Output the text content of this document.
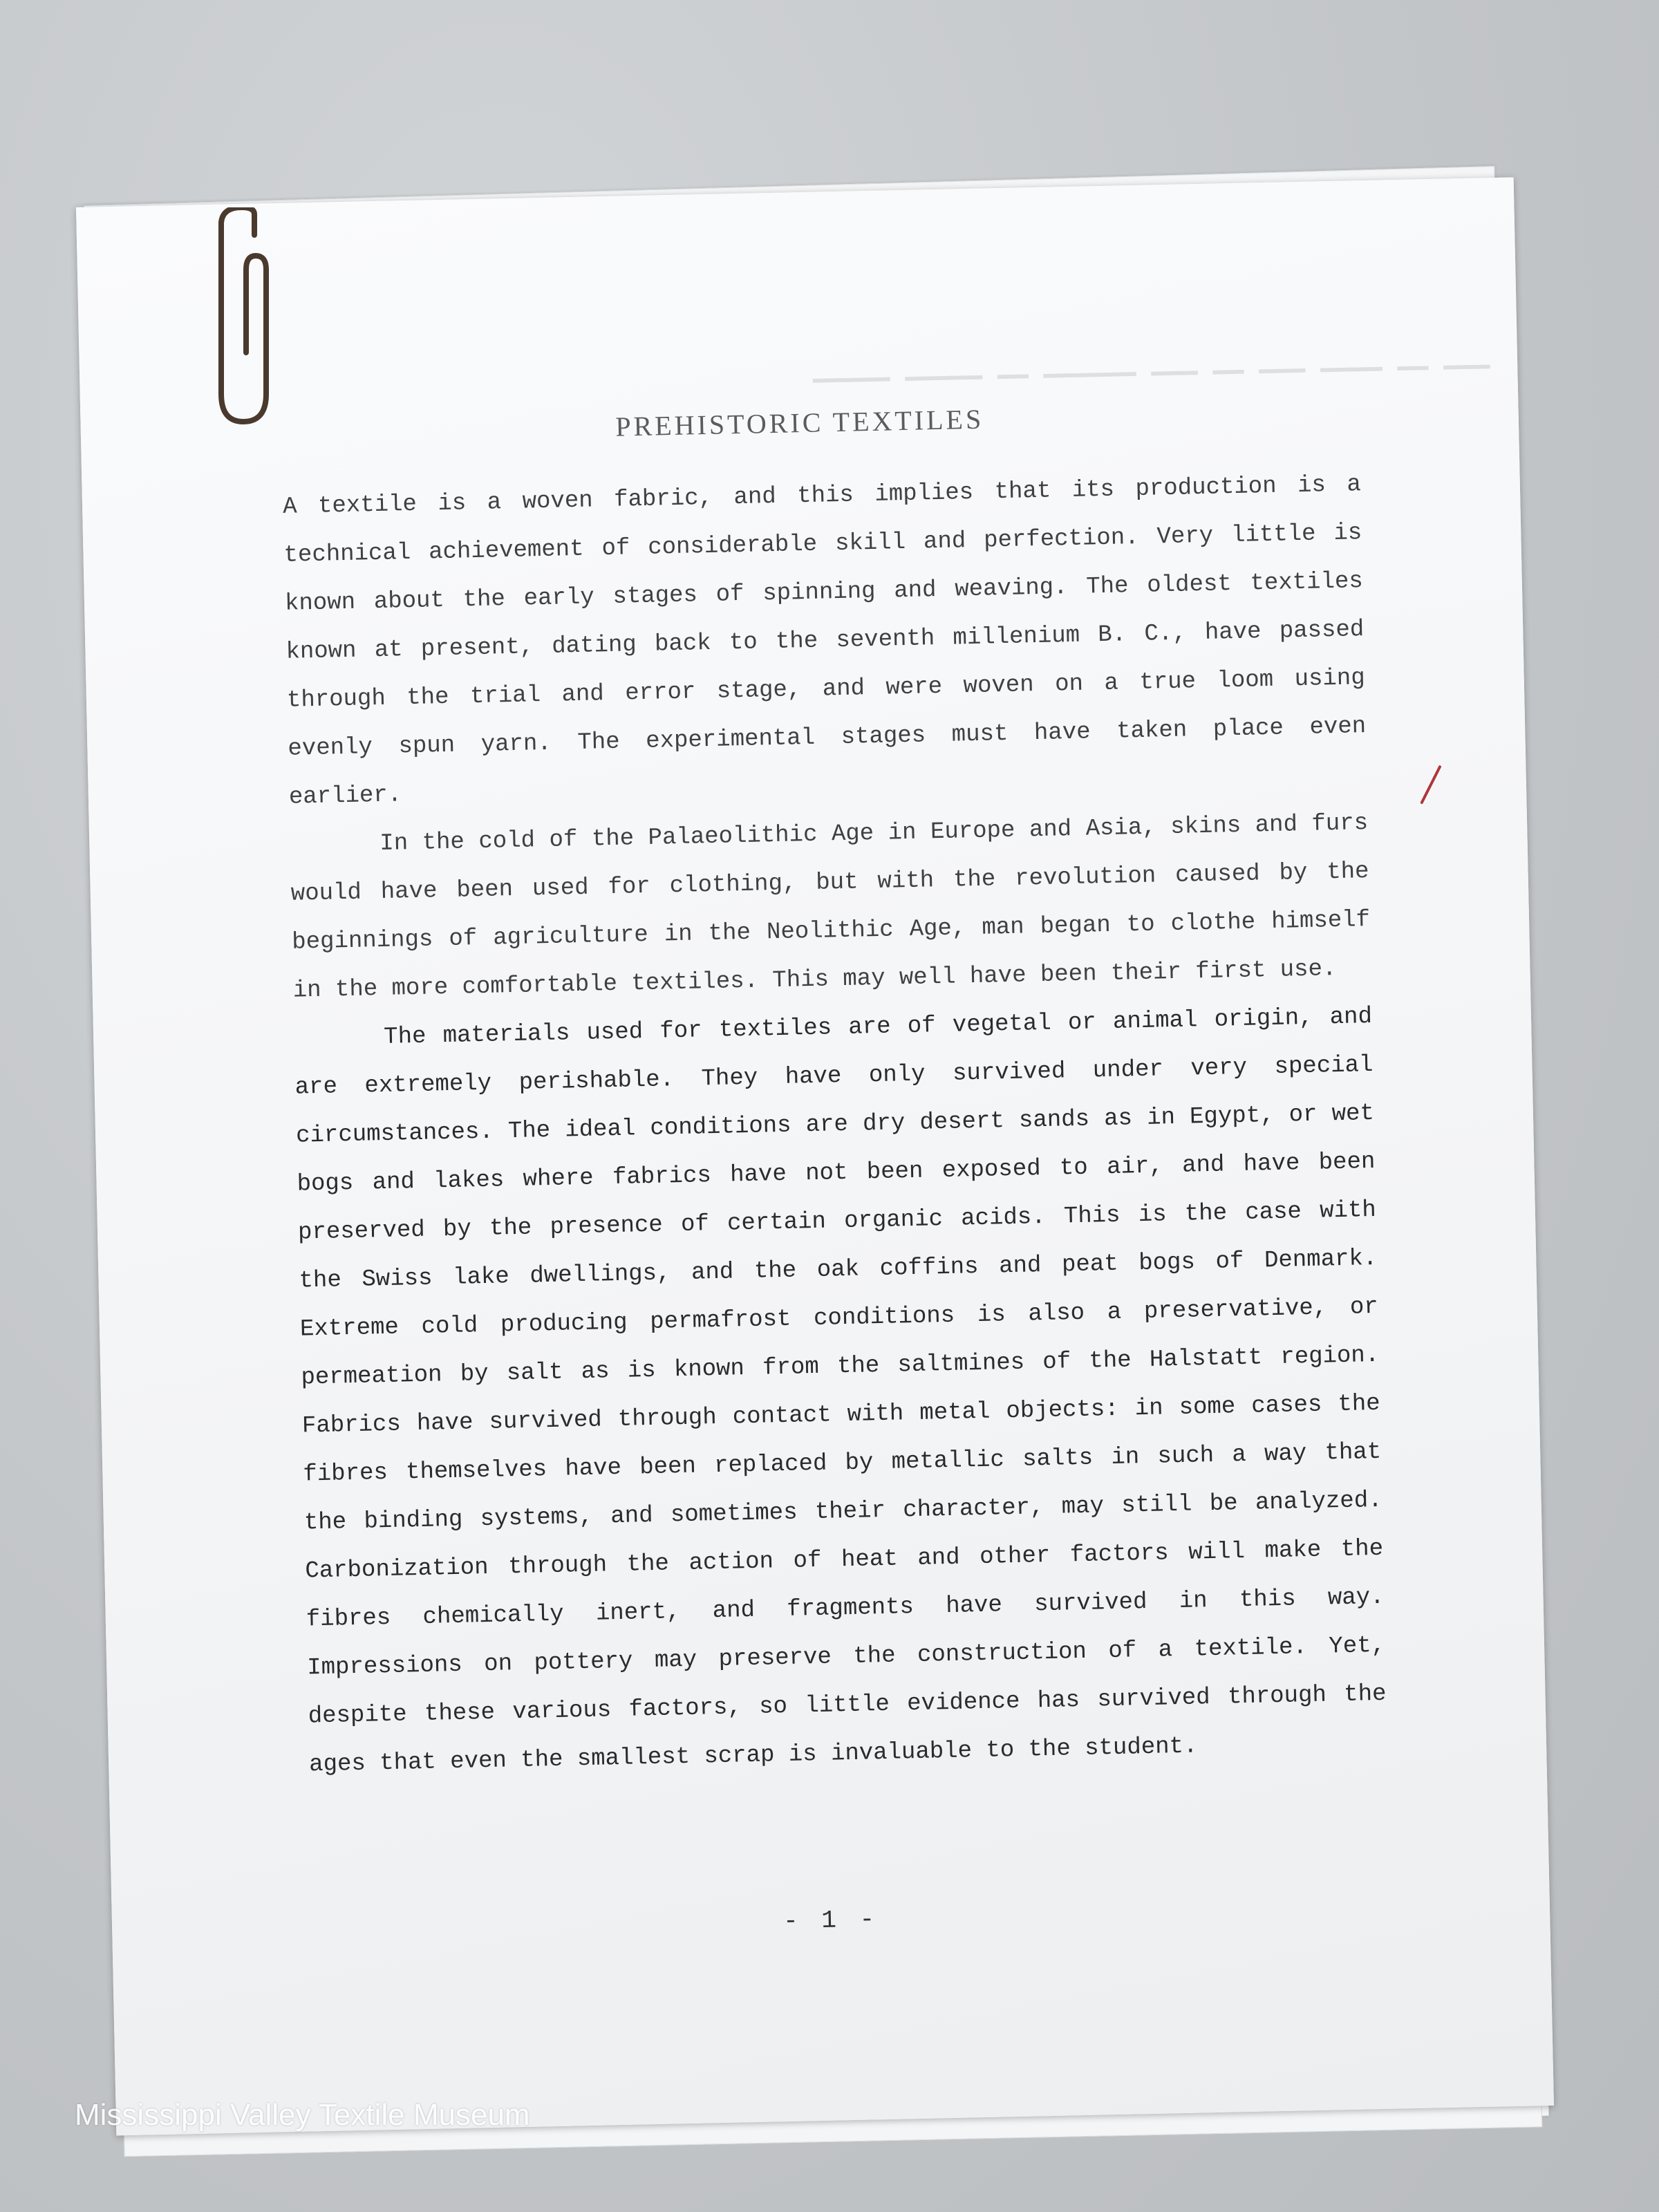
▔▔▔ ▔▔ ▔▔▔▔ ▔▔▔ ▔▔ ▔▔▔ ▔▔▔▔▔▔ ▔▔ ▔▔▔▔▔ ▔▔▔▔▔
PREHISTORIC TEXTILES

A textile is a woven fabric, and this implies that its production is a technical achievement of considerable skill and perfection. Very little is known about the early stages of spinning and weaving. The oldest textiles known at present, dating back to the seventh millenium B. C., have passed through the trial and error stage, and were woven on a true loom using evenly spun yarn. The experimental stages must have taken place even earlier.

In the cold of the Palaeolithic Age in Europe and Asia, skins and furs would have been used for clothing, but with the revolution caused by the beginnings of agriculture in the Neolithic Age, man began to clothe himself in the more comfortable textiles. This may well have been their first use.

The materials used for textiles are of vegetal or animal origin, and are extremely perishable. They have only survived under very special circumstances. The ideal conditions are dry desert sands as in Egypt, or wet bogs and lakes where fabrics have not been exposed to air, and have been preserved by the presence of certain organic acids. This is the case with the Swiss lake dwellings, and the oak coffins and peat bogs of Denmark. Extreme cold producing permafrost conditions is also a preservative, or permeation by salt as is known from the saltmines of the Halstatt region. Fabrics have survived through contact with metal objects: in some cases the fibres themselves have been replaced by metallic salts in such a way that the binding systems, and sometimes their character, may still be analyzed. Carbonization through the action of heat and other factors will make the fibres chemically inert, and fragments have survived in this way. Impressions on pottery may preserve the construction of a textile. Yet, despite these various factors, so little evidence has survived through the ages that even the smallest scrap is invaluable to the student.

- 1 -
Mississippi Valley Textile Museum
